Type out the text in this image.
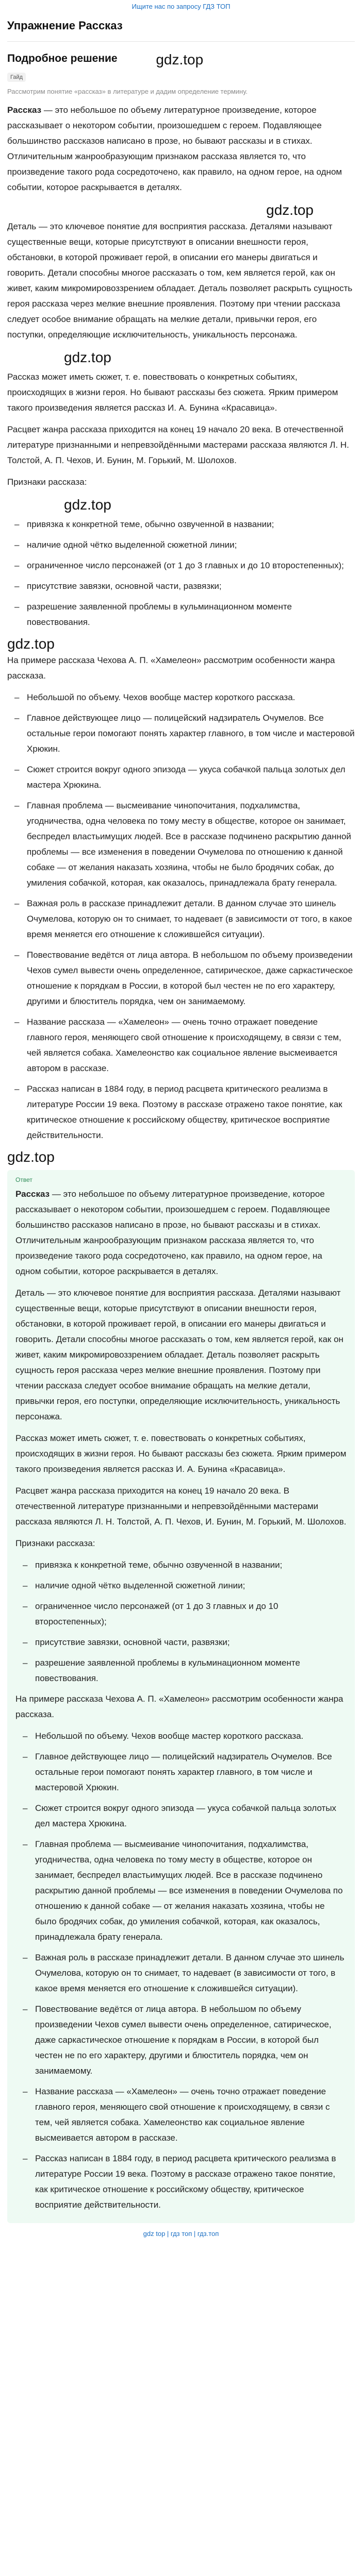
Ищите нас по запросу ГДЗ ТОП
Упражнение Рассказ
Подробное решение	gdz.top
Гайд
Рассмотрим понятие «рассказ» в литературе и дадим определение термину.

Рассказ — это небольшое по объему литературное произведение, которое рассказывает о некотором событии, произошедшем с героем. Подавляющее большинство рассказов написано в прозе, но бывают рассказы и в стихах. Отличительным жанрообразующим признаком рассказа является то, что произведение такого рода сосредоточено, как правило, на одном герое, на одном событии, которое раскрывается в деталях.

gdz.top

Деталь — это ключевое понятие для восприятия рассказа. Деталями называют существенные вещи, которые присутствуют в описании внешности героя, обстановки, в которой проживает герой, в описании его манеры двигаться и говорить. Детали способны многое рассказать о том, кем является герой, как он живет, каким микромировоззрением обладает. Деталь позволяет раскрыть сущность героя рассказа через мелкие внешние проявления. Поэтому при чтении рассказа следует особое внимание обращать на мелкие детали, привычки героя, его поступки, определяющие исключительность, уникальность персонажа.

gdz.top

Рассказ может иметь сюжет, т. е. повествовать о конкретных событиях, происходящих в жизни героя. Но бывают рассказы без сюжета. Ярким примером такого произведения является рассказ И. А. Бунина «Красавица».

Расцвет жанра рассказа приходится на конец 19 начало 20 века. В отечественной литературе признанными и непревзойдёнными мастерами рассказа являются Л. Н. Толстой, А. П. Чехов, И. Бунин, М. Горький, М. Шолохов.

Признаки рассказа:

gdz.top
– привязка к конкретной теме, обычно озвученной в названии;
– наличие одной чётко выделенной сюжетной линии;
– ограниченное число персонажей (от 1 до 3 главных и до 10 второстепенных);
– присутствие завязки, основной части, развязки;
– разрешение заявленной проблемы в кульминационном моменте повествования.
gdz.top

На примере рассказа Чехова А. П. «Хамелеон» рассмотрим особенности жанра рассказа.

– Небольшой по объему. Чехов вообще мастер короткого рассказа.
– Главное действующее лицо — полицейский надзиратель Очумелов. Все остальные герои помогают понять характер главного, в том числе и мастеровой Хрюкин.
– Сюжет строится вокруг одного эпизода — укуса собачкой пальца золотых дел мастера Хрюкина.
– Главная проблема — высмеивание чинопочитания, подхалимства, угодничества, одна человека по тому месту в обществе, которое он занимает, беспредел властьимущих людей. Все в рассказе подчинено раскрытию данной проблемы — все изменения в поведении Очумелова по отношению к данной собаке — от желания наказать хозяина, чтобы не было бродячих собак, до умиления собачкой, которая, как оказалось, принадлежала брату генерала.
– Важная роль в рассказе принадлежит детали. В данном случае это шинель Очумелова, которую он то снимает, то надевает (в зависимости от того, в какое время меняется его отношение к сложившейся ситуации).
– Повествование ведётся от лица автора. В небольшом по объему произведении Чехов сумел вывести очень определенное, сатирическое, даже саркастическое отношение к порядкам в России, в которой был честен не по его характеру, другими и блюститель порядка, чем он занимаемому.
– Название рассказа — «Хамелеон» — очень точно отражает поведение главного героя, меняющего свой отношение к происходящему, в связи с тем, чей является собака. Хамелеонство как социальное явление высмеивается автором в рассказе.
– Рассказ написан в 1884 году, в период расцвета критического реализма в литературе России 19 века. Поэтому в рассказе отражено такое понятие, как критическое отношение к российскому обществу, критическое восприятие действительности.
gdz.top
Ответ

Рассказ — это небольшое по объему литературное произведение, которое рассказывает о некотором событии, произошедшем с героем. Подавляющее большинство рассказов написано в прозе, но бывают рассказы и в стихах. Отличительным жанрообразующим признаком рассказа является то, что произведение такого рода сосредоточено, как правило, на одном герое, на одном событии, которое раскрывается в деталях.

Деталь — это ключевое понятие для восприятия рассказа. Деталями называют существенные вещи, которые присутствуют в описании внешности героя, обстановки, в которой проживает герой, в описании его манеры двигаться и говорить. Детали способны многое рассказать о том, кем является герой, как он живет, каким микромировоззрением обладает. Деталь позволяет раскрыть сущность героя рассказа через мелкие внешние проявления. Поэтому при чтении рассказа следует особое внимание обращать на мелкие детали, привычки героя, его поступки, определяющие исключительность, уникальность персонажа.

Рассказ может иметь сюжет, т. е. повествовать о конкретных событиях, происходящих в жизни героя. Но бывают рассказы без сюжета. Ярким примером такого произведения является рассказ И. А. Бунина «Красавица».

Расцвет жанра рассказа приходится на конец 19 начало 20 века. В отечественной литературе признанными и непревзойдёнными мастерами рассказа являются Л. Н. Толстой, А. П. Чехов, И. Бунин, М. Горький, М. Шолохов.

Признаки рассказа:

– привязка к конкретной теме, обычно озвученной в названии;
– наличие одной чётко выделенной сюжетной линии;
– ограниченное число персонажей (от 1 до 3 главных и до 10 второстепенных);
– присутствие завязки, основной части, развязки;
– разрешение заявленной проблемы в кульминационном моменте повествования.

На примере рассказа Чехова А. П. «Хамелеон» рассмотрим особенности жанра рассказа.

– Небольшой по объему. Чехов вообще мастер короткого рассказа.
– Главное действующее лицо — полицейский надзиратель Очумелов. Все остальные герои помогают понять характер главного, в том числе и мастеровой Хрюкин.
– Сюжет строится вокруг одного эпизода — укуса собачкой пальца золотых дел мастера Хрюкина.
– Главная проблема — высмеивание чинопочитания, подхалимства, угодничества, одна человека по тому месту в обществе, которое он занимает, беспредел властьимущих людей. Все в рассказе подчинено раскрытию данной проблемы — все изменения в поведении Очумелова по отношению к данной собаке — от желания наказать хозяина, чтобы не было бродячих собак, до умиления собачкой, которая, как оказалось, принадлежала брату генерала.
– Важная роль в рассказе принадлежит детали. В данном случае это шинель Очумелова, которую он то снимает, то надевает (в зависимости от того, в какое время меняется его отношение к сложившейся ситуации).
– Повествование ведётся от лица автора. В небольшом по объему произведении Чехов сумел вывести очень определенное, сатирическое, даже саркастическое отношение к порядкам в России, в которой был честен не по его характеру, другими и блюститель порядка, чем он занимаемому.
– Название рассказа — «Хамелеон» — очень точно отражает поведение главного героя, меняющего свой отношение к происходящему, в связи с тем, чей является собака. Хамелеонство как социальное явление высмеивается автором в рассказе.
– Рассказ написан в 1884 году, в период расцвета критического реализма в литературе России 19 века. Поэтому в рассказе отражено такое понятие, как критическое отношение к российскому обществу, критическое восприятие действительности.
gdz top | гдз топ | гдз.топ
